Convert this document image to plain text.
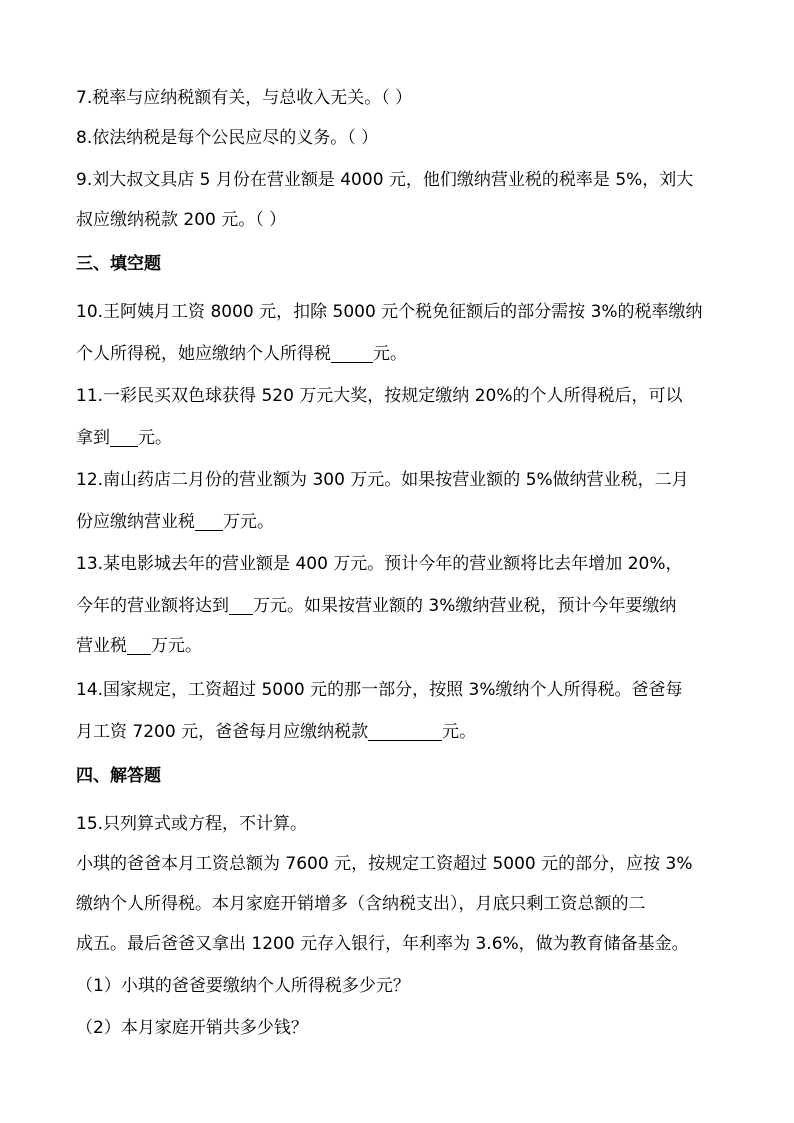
7.税率与应纳税额有关，与总收入无关。（ ）
8.依法纳税是每个公民应尽的义务。（ ）
9.刘大叔文具店 5 月份在营业额是 4000 元，他们缴纳营业税的税率是 5%，刘大
叔应缴纳税款 200 元。（ ）
三、填空题
10.王阿姨月工资 8000 元，扣除 5000 元个税免征额后的部分需按 3%的税率缴纳
个人所得税，她应缴纳个人所得税 元。
11.一彩民买双色球获得 520 万元大奖，按规定缴纳 20%的个人所得税后，可以
拿到 元。
12.南山药店二月份的营业额为 300 万元。如果按营业额的 5%做纳营业税，二月
份应缴纳营业税 万元。
13.某电影城去年的营业额是 400 万元。预计今年的营业额将比去年增加 20%，
今年的营业额将达到 万元。如果按营业额的 3%缴纳营业税，预计今年要缴纳
营业税 万元。
14.国家规定，工资超过 5000 元的那一部分，按照 3%缴纳个人所得税。爸爸每
月工资 7200 元，爸爸每月应缴纳税款	元。
四、解答题
15.只列算式或方程，不计算。
小琪的爸爸本月工资总额为 7600 元，按规定工资超过 5000 元的部分，应按 3%
缴纳个人所得税。本月家庭开销增多（含纳税支出），月底只剩工资总额的二
成五。最后爸爸又拿出 1200 元存入银行，年利率为 3.6%，做为教育储备基金。
（1）小琪的爸爸要缴纳个人所得税多少元？
（2）本月家庭开销共多少钱？
